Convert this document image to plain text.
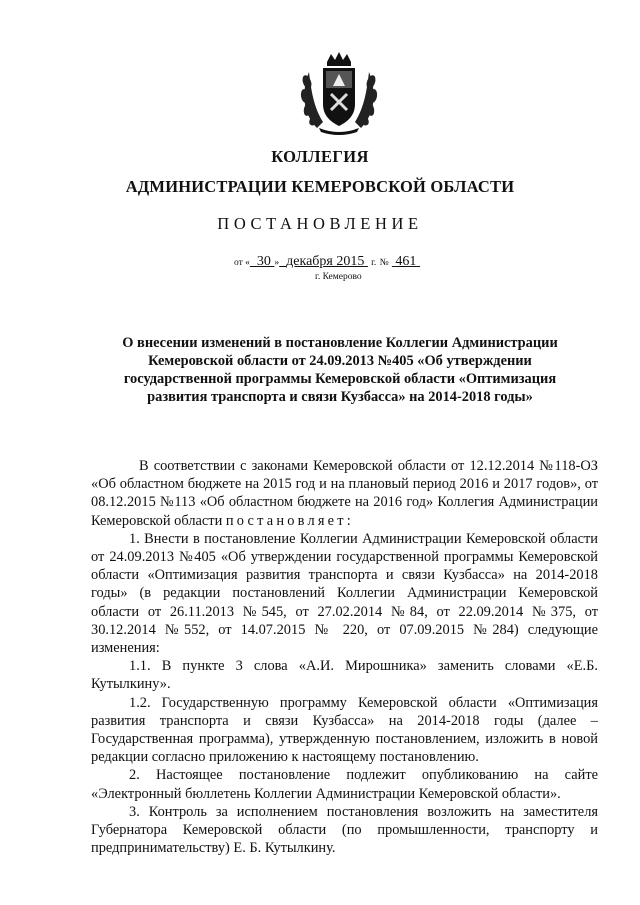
КОЛЛЕГИЯ
АДМИНИСТРАЦИИ КЕМЕРОВСКОЙ ОБЛАСТИ
ПОСТАНОВЛЕНИЕ
от « 30 » декабря 2015 г. № 461
г. Кемерово
О внесении изменений в постановление Коллегии Администрации Кемеровской области от 24.09.2013 №405 «Об утверждении государственной программы Кемеровской области «Оптимизация развития транспорта и связи Кузбасса» на 2014-2018 годы»

В соответствии с законами Кемеровской области от 12.12.2014 №118-ОЗ «Об областном бюджете на 2015 год и на плановый период 2016 и 2017 годов», от 08.12.2015 №113 «Об областном бюджете на 2016 год» Коллегия Администрации Кемеровской области постановляет:

1. Внести в постановление Коллегии Администрации Кемеровской области от 24.09.2013 №405 «Об утверждении государственной программы Кемеровской области «Оптимизация развития транспорта и связи Кузбасса» на 2014-2018 годы» (в редакции постановлений Коллегии Администрации Кемеровской области от 26.11.2013 №545, от 27.02.2014 №84, от 22.09.2014 №375, от 30.12.2014 №552, от 14.07.2015 № 220, от 07.09.2015 №284) следующие изменения:

1.1. В пункте 3 слова «А.И. Мирошника» заменить словами «Е.Б. Кутылкину».

1.2. Государственную программу Кемеровской области «Оптимизация развития транспорта и связи Кузбасса» на 2014-2018 годы (далее – Государственная программа), утвержденную постановлением, изложить в новой редакции согласно приложению к настоящему постановлению.

2. Настоящее постановление подлежит опубликованию на сайте «Электронный бюллетень Коллегии Администрации Кемеровской области».

3. Контроль за исполнением постановления возложить на заместителя Губернатора Кемеровской области (по промышленности, транспорту и предпринимательству) Е. Б. Кутылкину.
